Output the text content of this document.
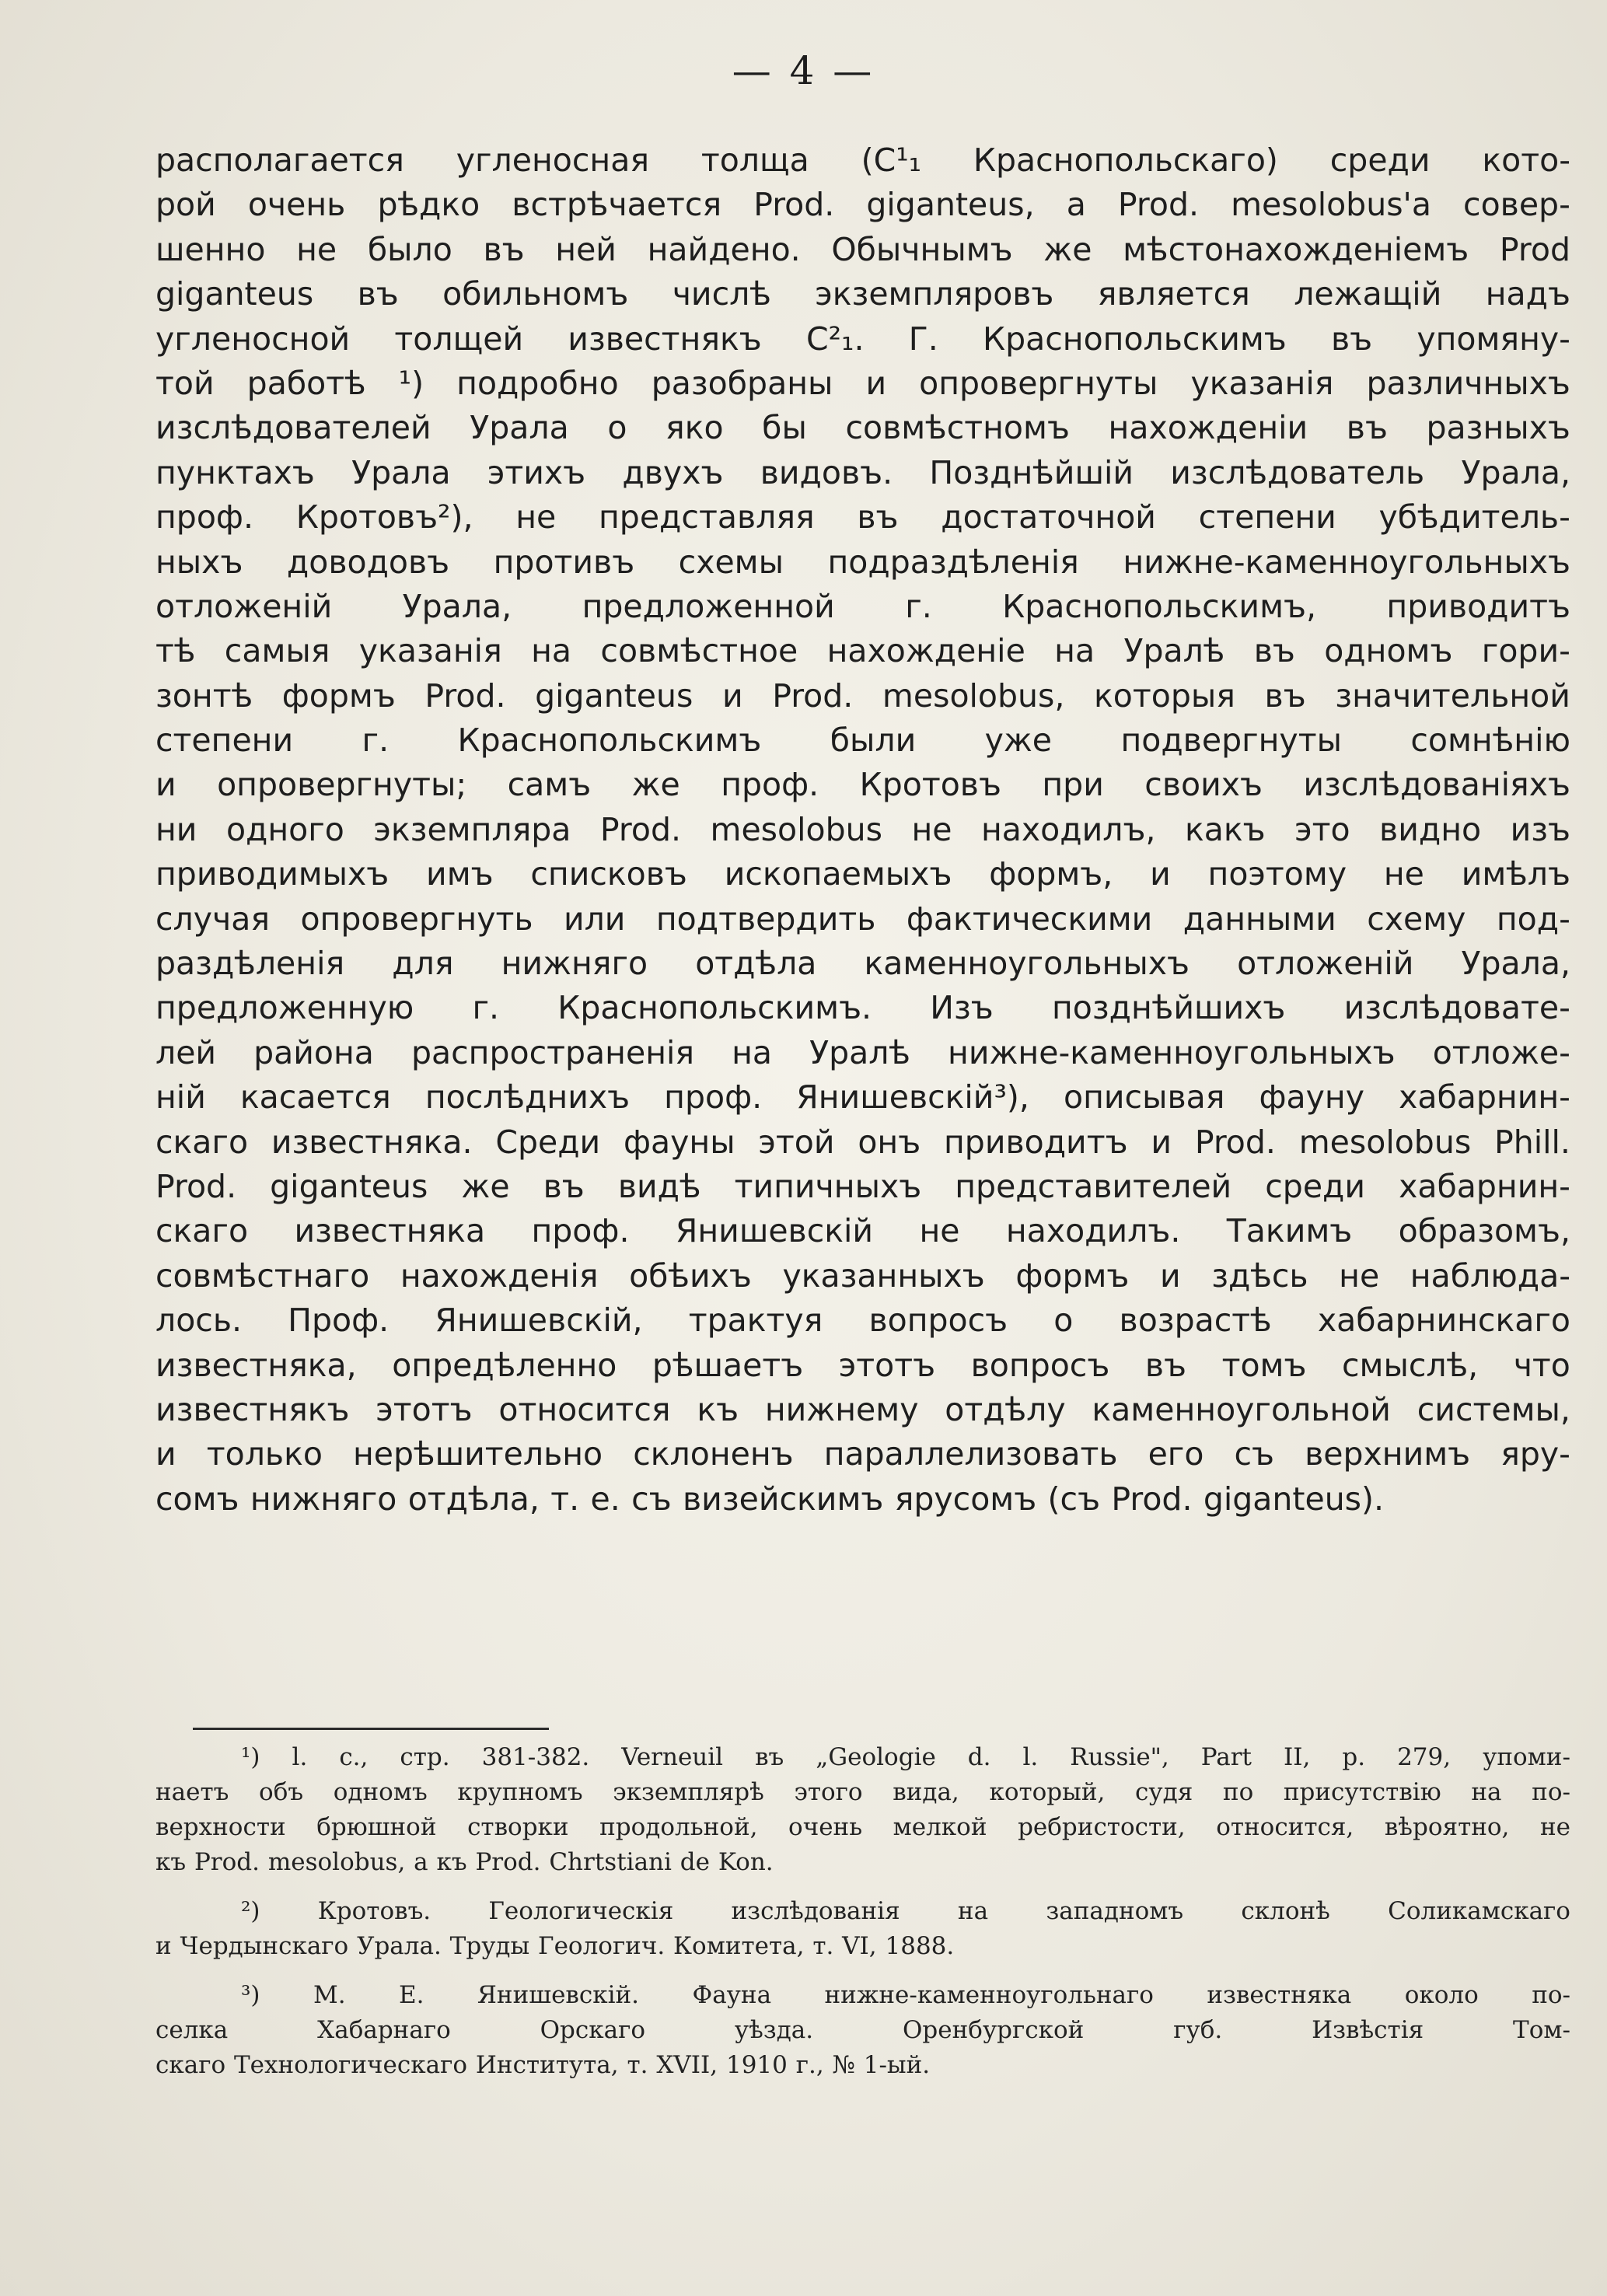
— 4 —
располагается угленосная толща (C¹₁ Краснопольскаго) среди кото-
рой очень рѣдко встрѣчается Prod. giganteus, а Prod. mesolobus'а совер-
шенно не было въ ней найдено. Обычнымъ же мѣстонахожденіемъ Prod
giganteus въ обильномъ числѣ экземпляровъ является лежащій надъ
угленосной толщей известнякъ C²₁. Г. Краснопольскимъ въ упомяну-
той работѣ ¹) подробно разобраны и опровергнуты указанія различныхъ
изслѣдователей Урала о яко бы совмѣстномъ нахожденіи въ разныхъ
пунктахъ Урала этихъ двухъ видовъ. Позднѣйшій изслѣдователь Урала,
проф. Кротовъ²), не представляя въ достаточной степени убѣдитель-
ныхъ доводовъ противъ схемы подраздѣленія нижне-каменноугольныхъ
отложеній Урала, предложенной г. Краснопольскимъ, приводитъ
тѣ самыя указанія на совмѣстное нахожденіе на Уралѣ въ одномъ гори-
зонтѣ формъ Prod. giganteus и Prod. mesolobus, которыя въ значительной
степени г. Краснопольскимъ были уже подвергнуты сомнѣнію
и опровергнуты; самъ же проф. Кротовъ при своихъ изслѣдованіяхъ
ни одного экземпляра Prod. mesolobus не находилъ, какъ это видно изъ
приводимыхъ имъ списковъ ископаемыхъ формъ, и поэтому не имѣлъ
случая опровергнуть или подтвердить фактическими данными схему под-
раздѣленія для нижняго отдѣла каменноугольныхъ отложеній Урала,
предложенную г. Краснопольскимъ. Изъ позднѣйшихъ изслѣдовате-
лей района распространенія на Уралѣ нижне-каменноугольныхъ отложе-
ній касается послѣднихъ проф. Янишевскій³), описывая фауну хабарнин-
скаго известняка. Среди фауны этой онъ приводитъ и Prod. mesolobus Phill.
Prod. giganteus же въ видѣ типичныхъ представителей среди хабарнин-
скаго известняка проф. Янишевскій не находилъ. Такимъ образомъ,
совмѣстнаго нахожденія обѣихъ указанныхъ формъ и здѣсь не наблюда-
лось. Проф. Янишевскій, трактуя вопросъ о возрастѣ хабарнинскаго
известняка, опредѣленно рѣшаетъ этотъ вопросъ въ томъ смыслѣ, что
известнякъ этотъ относится къ нижнему отдѣлу каменноугольной системы,
и только нерѣшительно склоненъ параллелизовать его съ верхнимъ яру-
сомъ нижняго отдѣла, т. е. съ визейскимъ ярусомъ (съ Prod. giganteus).
¹) l. c., стр. 381-382. Verneuil въ „Geologie d. l. Russie", Part II, p. 279, упоми-
наетъ объ одномъ крупномъ экземплярѣ этого вида, который, судя по присутствію на по-
верхности брюшной створки продольной, очень мелкой ребристости, относится, вѣроятно, не
къ Prod. mesolobus, а къ Prod. Chrtstiani de Kon.
²) Кротовъ. Геологическія изслѣдованія на западномъ склонѣ Соликамскаго
и Чердынскаго Урала. Труды Геологич. Комитета, т. VI, 1888.
³) М. Е. Янишевскій. Фауна нижне-каменноугольнаго известняка около по-
селка	Хабарнаго	Орскаго	уѣзда.	Оренбургской	губ.	Извѣстія	Том-
скаго Технологическаго Института, т. XVII, 1910 г., № 1-ый.
